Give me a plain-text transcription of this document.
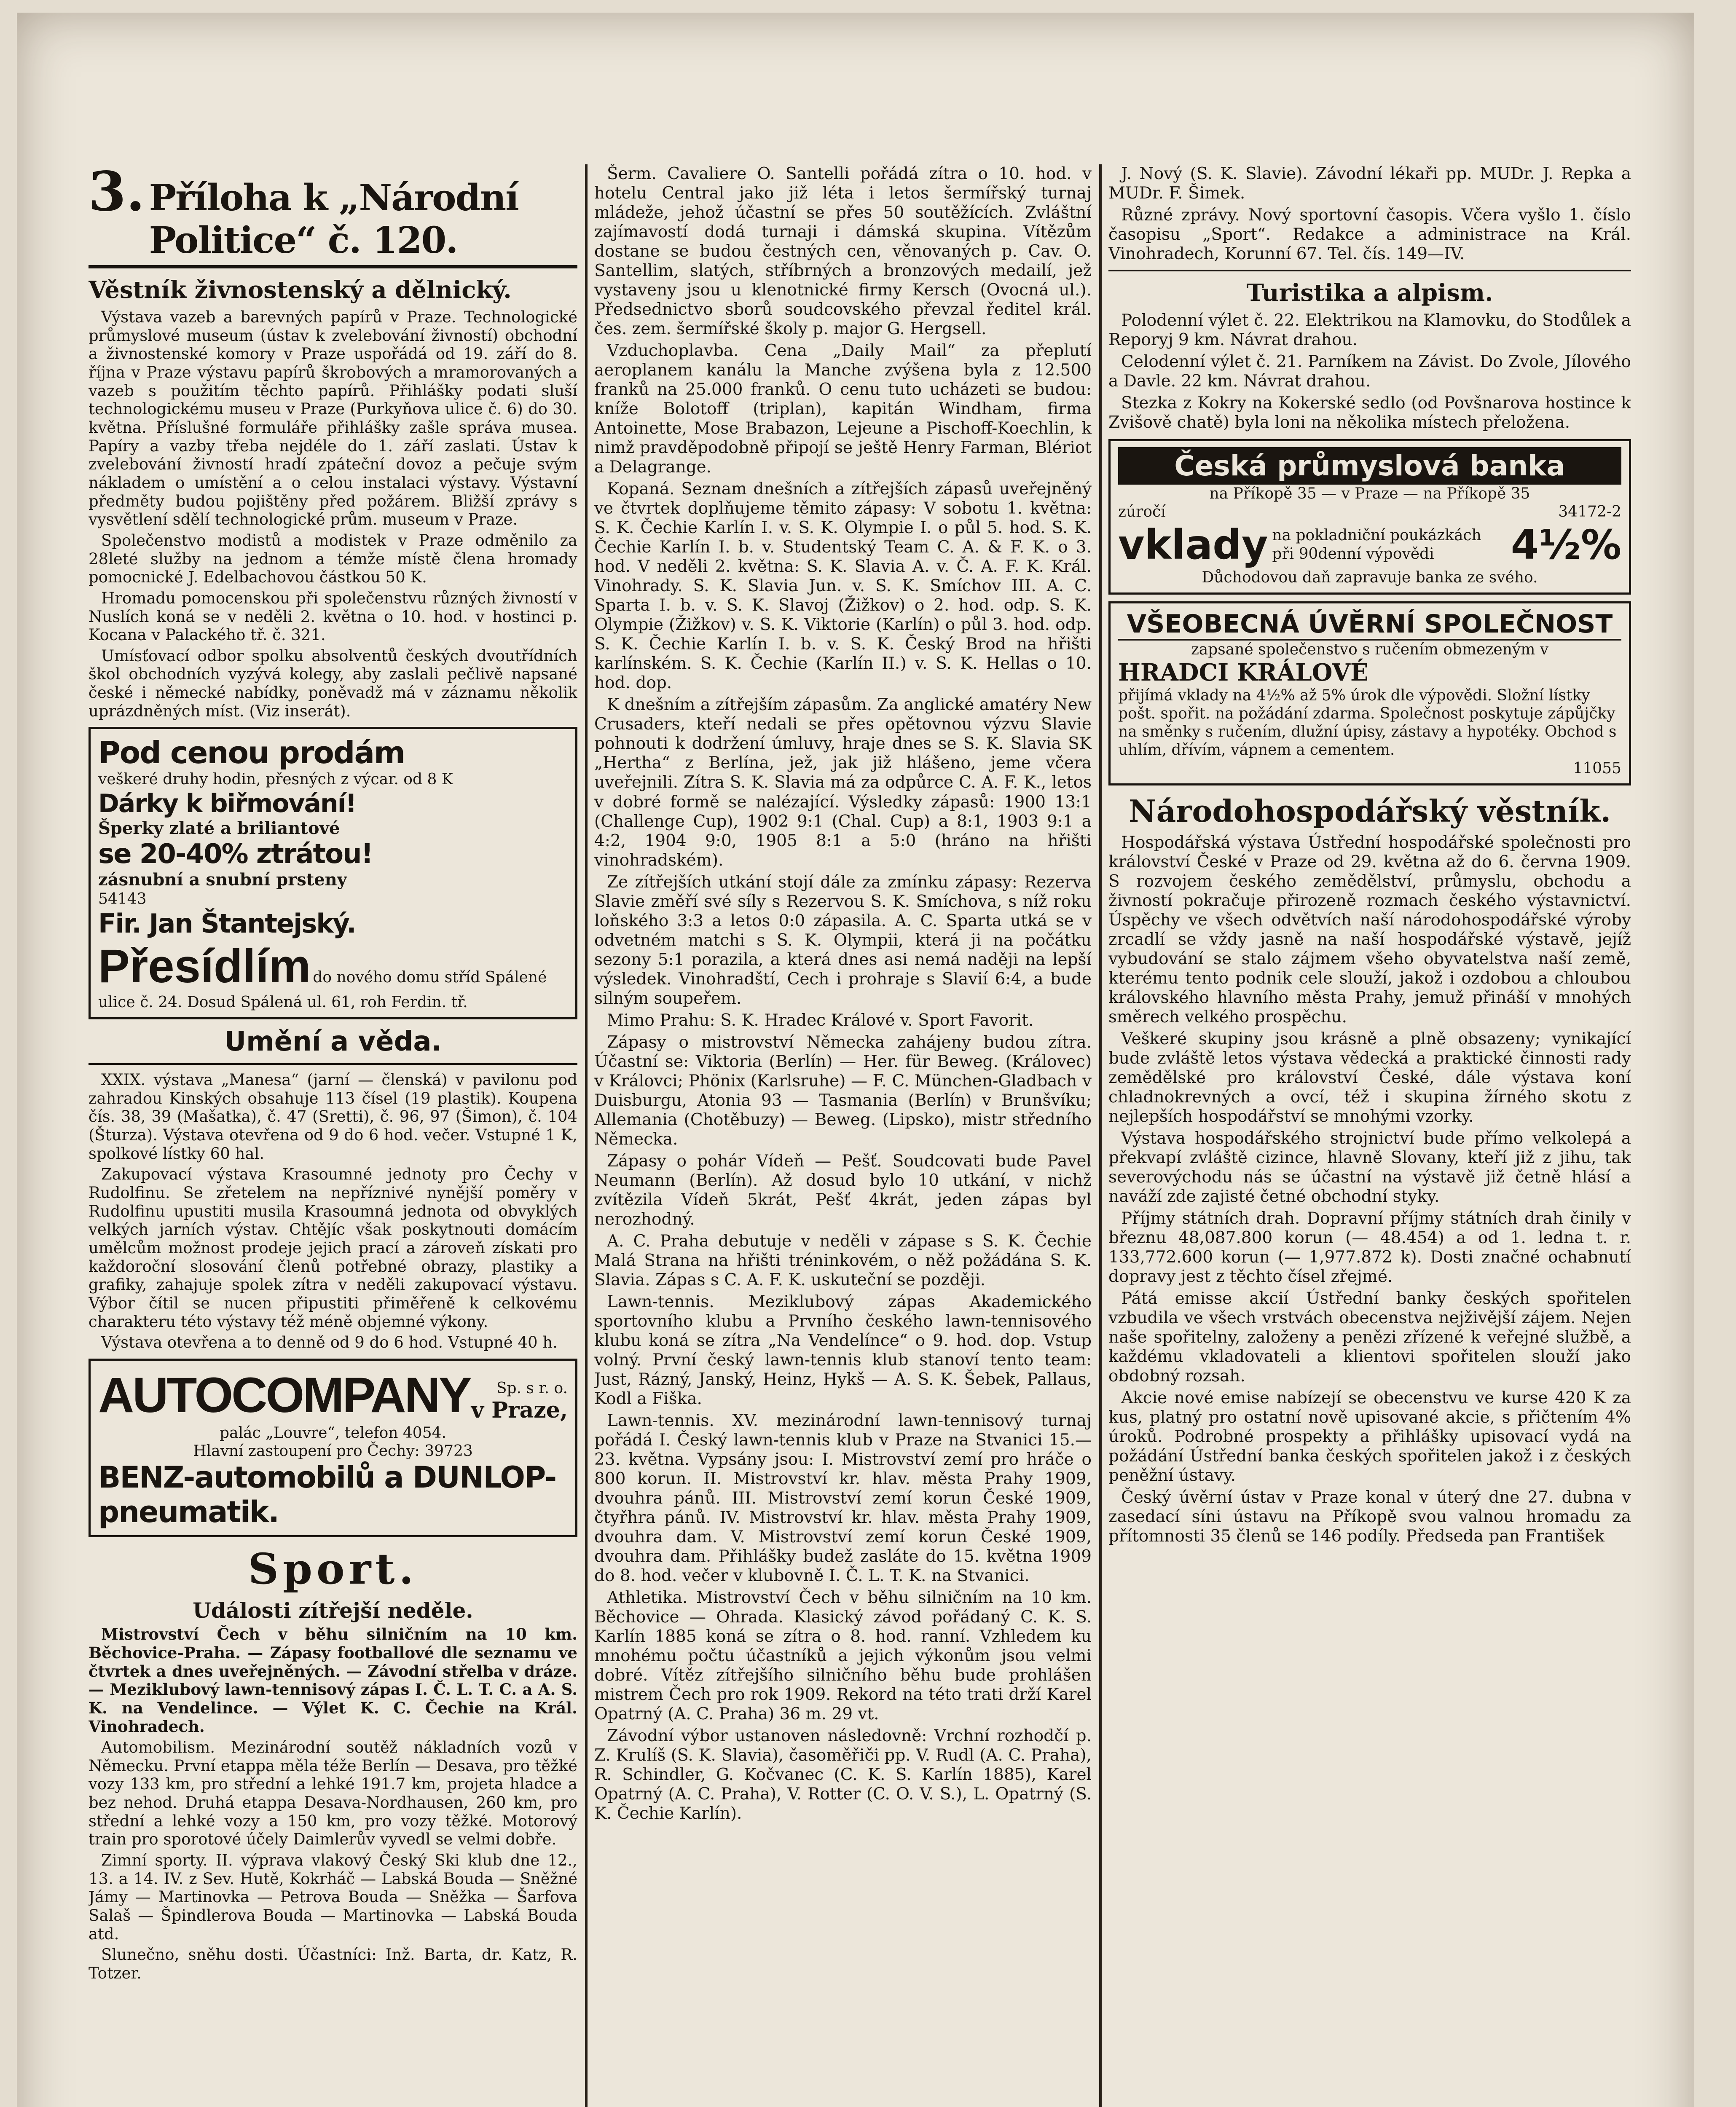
3. Příloha k „Národní Politice“ č. 120.
Věstník živnostenský a dělnický.

Výstava vazeb a barevných papírů v Praze. Technologické průmyslové museum (ústav k zvelebování živností) obchodní a živnostenské komory v Praze uspořádá od 19. září do 8. října v Praze výstavu papírů škrobových a mramorovaných a vazeb s použitím těchto papírů. Přihlášky podati sluší technologickému museu v Praze (Purkyňova ulice č. 6) do 30. května. Příslušné formuláře přihlášky zašle správa musea. Papíry a vazby třeba nejdéle do 1. září zaslati. Ústav k zvelebování živností hradí zpáteční dovoz a pečuje svým nákladem o umístění a o celou instalaci výstavy. Výstavní předměty budou pojištěny před požárem. Bližší zprávy s vysvětlení sdělí technologické prům. museum v Praze.

Společenstvo modistů a modistek v Praze odměnilo za 28leté služby na jednom a témže místě člena hromady pomocnické J. Edelbachovou částkou 50 K.

Hromadu pomocenskou při společenstvu různých živností v Nuslích koná se v neděli 2. května o 10. hod. v hostinci p. Kocana v Palackého tř. č. 321.

Umísťovací odbor spolku absolventů českých dvoutřídních škol obchodních vyzývá kolegy, aby zaslali pečlivě napsané české i německé nabídky, poněvadž má v záznamu několik uprázdněných míst. (Viz inserát).

Pod cenou prodám
veškeré druhy hodin, přesných z výcar. od 8 K
Dárky k biřmování!
Šperky zlaté a briliantové
se 20-40% ztrátou!
zásnubní a snubní prsteny
54143
Fir. Jan Štantejský.
Přesídlím do nového domu stříd Spálené ulice č. 24. Dosud Spálená ul. 61, roh Ferdin. tř.
Umění a věda.

XXIX. výstava „Manesa“ (jarní — členská) v pavilonu pod zahradou Kinských obsahuje 113 čísel (19 plastik). Koupena čís. 38, 39 (Mašatka), č. 47 (Sretti), č. 96, 97 (Šimon), č. 104 (Šturza). Výstava otevřena od 9 do 6 hod. večer. Vstupné 1 K, spolkové lístky 60 hal.

Zakupovací výstava Krasoumné jednoty pro Čechy v Rudolfinu. Se zřetelem na nepříznivé nynější poměry v Rudolfinu upustiti musila Krasoumná jednota od obvyklých velkých jarních výstav. Chtějíc však poskytnouti domácím umělcům možnost prodeje jejich prací a zároveň získati pro každoroční slosování členů potřebné obrazy, plastiky a grafiky, zahajuje spolek zítra v neděli zakupovací výstavu. Výbor čítil se nucen připustiti přiměřeně k celkovému charakteru této výstavy též méně objemné výkony.

Výstava otevřena a to denně od 9 do 6 hod. Vstupné 40 h.

AUTOCOMPANY	Sp. s r. o.
v Praze,
palác „Louvre“, telefon 4054.
Hlavní zastoupení pro Čechy: 39723
BENZ-automobilů a DUNLOP-pneumatik.
Sport.
Události zítřejší neděle.

Mistrovství Čech v běhu silničním na 10 km. Běchovice-Praha. — Zápasy footballové dle seznamu ve čtvrtek a dnes uveřejněných. — Závodní střelba v dráze. — Meziklubový lawn-tennisový zápas I. Č. L. T. C. a A. S. K. na Vendelince. — Výlet K. C. Čechie na Král. Vinohradech.

Automobilism. Mezinárodní soutěž nákladních vozů v Německu. První etappa měla téže Berlín — Desava, pro těžké vozy 133 km, pro střední a lehké 191.7 km, projeta hladce a bez nehod. Druhá etappa Desava-Nordhausen, 260 km, pro střední a lehké vozy a 150 km, pro vozy těžké. Motorový train pro sporotové účely Daimlerův vyvedl se velmi dobře.

Zimní sporty. II. výprava vlakový Český Ski klub dne 12., 13. a 14. IV. z Sev. Hutě, Kokrháč — Labská Bouda — Sněžné Jámy — Martinovka — Petrova Bouda — Sněžka — Šarfova Salaš — Špindlerova Bouda — Martinovka — Labská Bouda atd.

Slunečno, sněhu dosti. Účastníci: Inž. Barta, dr. Katz, R. Totzer.

Šerm. Cavaliere O. Santelli pořádá zítra o 10. hod. v hotelu Central jako již léta i letos šermířský turnaj mládeže, jehož účastní se přes 50 soutěžících. Zvláštní zajímavostí dodá turnaji i dámská skupina. Vítězům dostane se budou čestných cen, věnovaných p. Cav. O. Santellim, slatých, stříbrných a bronzových medailí, jež vystaveny jsou u klenotnické firmy Kersch (Ovocná ul.). Předsednictvo sborů soudcovského převzal ředitel král. čes. zem. šermířské školy p. major G. Hergsell.

Vzduchoplavba. Cena „Daily Mail“ za přeplutí aeroplanem kanálu la Manche zvýšena byla z 12.500 franků na 25.000 franků. O cenu tuto ucházeti se budou: kníže Bolotoff (triplan), kapitán Windham, firma Antoinette, Mose Brabazon, Lejeune a Pischoff-Koechlin, k nimž pravděpodobně připojí se ještě Henry Farman, Blériot a Delagrange.

Kopaná. Seznam dnešních a zítřejších zápasů uveřejněný ve čtvrtek doplňujeme těmito zápasy: V sobotu 1. května: S. K. Čechie Karlín I. v. S. K. Olympie I. o půl 5. hod. S. K. Čechie Karlín I. b. v. Studentský Team C. A. & F. K. o 3. hod. V neděli 2. května: S. K. Slavia A. v. Č. A. F. K. Král. Vinohrady. S. K. Slavia Jun. v. S. K. Smíchov III. A. C. Sparta I. b. v. S. K. Slavoj (Žižkov) o 2. hod. odp. S. K. Olympie (Žižkov) v. S. K. Viktorie (Karlín) o půl 3. hod. odp. S. K. Čechie Karlín I. b. v. S. K. Český Brod na hřišti karlínském. S. K. Čechie (Karlín II.) v. S. K. Hellas o 10. hod. dop.

K dnešním a zítřejším zápasům. Za anglické amatéry New Crusaders, kteří nedali se přes opětovnou výzvu Slavie pohnouti k dodržení úmluvy, hraje dnes se S. K. Slavia SK „Hertha“ z Berlína, jež, jak již hlášeno, jeme včera uveřejnili. Zítra S. K. Slavia má za odpůrce C. A. F. K., letos v dobré formě se nalézající. Výsledky zápasů: 1900 13:1 (Challenge Cup), 1902 9:1 (Chal. Cup) a 8:1, 1903 9:1 a 4:2, 1904 9:0, 1905 8:1 a 5:0 (hráno na hřišti vinohradském).

Ze zítřejších utkání stojí dále za zmínku zápasy: Rezerva Slavie změří své síly s Rezervou S. K. Smíchova, s níž roku loňského 3:3 a letos 0:0 zápasila. A. C. Sparta utká se v odvetném matchi s S. K. Olympii, která ji na počátku sezony 5:1 porazila, a která dnes asi nemá naději na lepší výsledek. Vinohradští, Cech i prohraje s Slavií 6:4, a bude silným soupeřem.

Mimo Prahu: S. K. Hradec Králové v. Sport Favorit.

Zápasy o mistrovství Německa zahájeny budou zítra. Účastní se: Viktoria (Berlín) — Her. für Beweg. (Královec) v Královci; Phönix (Karlsruhe) — F. C. München-Gladbach v Duisburgu, Atonia 93 — Tasmania (Berlín) v Brunšvíku; Allemania (Chotěbuzy) — Beweg. (Lipsko), mistr středního Německa.

Zápasy o pohár Vídeň — Pešť. Soudcovati bude Pavel Neumann (Berlín). Až dosud bylo 10 utkání, v nichž zvítězila Vídeň 5krát, Pešť 4krát, jeden zápas byl nerozhodný.

A. C. Praha debutuje v neděli v zápase s S. K. Čechie Malá Strana na hřišti tréninkovém, o něž požádána S. K. Slavia. Zápas s C. A. F. K. uskuteční se později.

Lawn-tennis. Meziklubový zápas Akademického sportovního klubu a Prvního českého lawn-tennisového klubu koná se zítra „Na Vendelínce“ o 9. hod. dop. Vstup volný. První český lawn-tennis klub stanoví tento team: Just, Rázný, Janský, Heinz, Hykš — A. S. K. Šebek, Pallaus, Kodl a Fiška.

Lawn-tennis. XV. mezinárodní lawn-tennisový turnaj pořádá I. Český lawn-tennis klub v Praze na Stvanici 15.—23. května. Vypsány jsou: I. Mistrovství zemí pro hráče o 800 korun. II. Mistrovství kr. hlav. města Prahy 1909, dvouhra pánů. III. Mistrovství zemí korun České 1909, čtyřhra pánů. IV. Mistrovství kr. hlav. města Prahy 1909, dvouhra dam. V. Mistrovství zemí korun České 1909, dvouhra dam. Přihlášky budež zasláte do 15. května 1909 do 8. hod. večer v klubovně I. Č. L. T. K. na Stvanici.

Athletika. Mistrovství Čech v běhu silničním na 10 km. Běchovice — Ohrada. Klasický závod pořádaný C. K. S. Karlín 1885 koná se zítra o 8. hod. ranní. Vzhledem ku mnohému počtu účastníků a jejich výkonům jsou velmi dobré. Vítěz zítřejšího silničního běhu bude prohlášen mistrem Čech pro rok 1909. Rekord na této trati drží Karel Opatrný (A. C. Praha) 36 m. 29 vt.

Závodní výbor ustanoven následovně: Vrchní rozhodčí p. Z. Krulíš (S. K. Slavia), časoměřiči pp. V. Rudl (A. C. Praha), R. Schindler, G. Kočvanec (C. K. S. Karlín 1885), Karel Opatrný (A. C. Praha), V. Rotter (C. O. V. S.), L. Opatrný (S. K. Čechie Karlín).

J. Nový (S. K. Slavie). Závodní lékaři pp. MUDr. J. Repka a MUDr. F. Šimek.

Různé zprávy. Nový sportovní časopis. Včera vyšlo 1. číslo časopisu „Sport“. Redakce a administrace na Král. Vinohradech, Korunní 67. Tel. čís. 149—IV.

Turistika a alpism.

Polodenní výlet č. 22. Elektrikou na Klamovku, do Stodůlek a Reporyj 9 km. Návrat drahou.

Celodenní výlet č. 21. Parníkem na Závist. Do Zvole, Jílového a Davle. 22 km. Návrat drahou.

Stezka z Kokry na Kokerské sedlo (od Povšnarova hostince k Zvišově chatě) byla loni na několika místech přeložena.

Česká průmyslová banka
na Příkopě 35 — v Praze — na Příkopě 35
zúročí	34172-2
vklady na pokladniční poukázkách při 90denní výpovědi	4½%
Důchodovou daň zapravuje banka ze svého.
VŠEOBECNÁ ÚVĚRNÍ SPOLEČNOST
zapsané společenstvo s ručením obmezeným v
HRADCI KRÁLOVÉ
přijímá vklady na 4½% až 5% úrok dle výpovědi. Složní lístky pošt. spořit. na požádání zdarma. Společnost poskytuje zápůjčky na směnky s ručením, dlužní úpisy, zástavy a hypotéky. Obchod s uhlím, dřívím, vápnem a cementem.
11055
Národohospodářský věstník.

Hospodářská výstava Ústřední hospodářské společnosti pro království České v Praze od 29. května až do 6. června 1909. S rozvojem českého zemědělství, průmyslu, obchodu a živností pokračuje přirozeně rozmach českého výstavnictví. Úspěchy ve všech odvětvích naší národohospodářské výroby zrcadlí se vždy jasně na naší hospodářské výstavě, jejíž vybudování se stalo zájmem všeho obyvatelstva naší země, kterému tento podnik cele slouží, jakož i ozdobou a chloubou královského hlavního města Prahy, jemuž přináší v mnohých směrech velkého prospěchu.

Veškeré skupiny jsou krásně a plně obsazeny; vynikající bude zvláště letos výstava vědecká a praktické činnosti rady zemědělské pro království České, dále výstava koní chladnokrevných a ovcí, též i skupina žírného skotu z nejlepších hospodářství se mnohými vzorky.

Výstava hospodářského strojnictví bude přímo velkolepá a překvapí zvláště cizince, hlavně Slovany, kteří již z jihu, tak severovýchodu nás se účastní na výstavě již četně hlásí a naváží zde zajisté četné obchodní styky.

Příjmy státních drah. Dopravní příjmy státních drah činily v březnu 48,087.800 korun (— 48.454) a od 1. ledna t. r. 133,772.600 korun (— 1,977.872 k). Dosti značné ochabnutí dopravy jest z těchto čísel zřejmé.

Pátá emisse akcií Ústřední banky českých spořitelen vzbudila ve všech vrstvách obecenstva nejživější zájem. Nejen naše spořitelny, založeny a penězi zřízené k veřejné službě, a každému vkladovateli a klientovi spořitelen slouží jako obdobný rozsah.

Akcie nové emise nabízejí se obecenstvu ve kurse 420 K za kus, platný pro ostatní nově upisované akcie, s přičtením 4% úroků. Podrobné prospekty a přihlášky upisovací vydá na požádání Ústřední banka českých spořitelen jakož i z českých peněžní ústavy.

Český úvěrní ústav v Praze konal v úterý dne 27. dubna v zasedací síni ústavu na Příkopě svou valnou hromadu za přítomnosti 35 členů se 146 podíly. Předseda pan František
